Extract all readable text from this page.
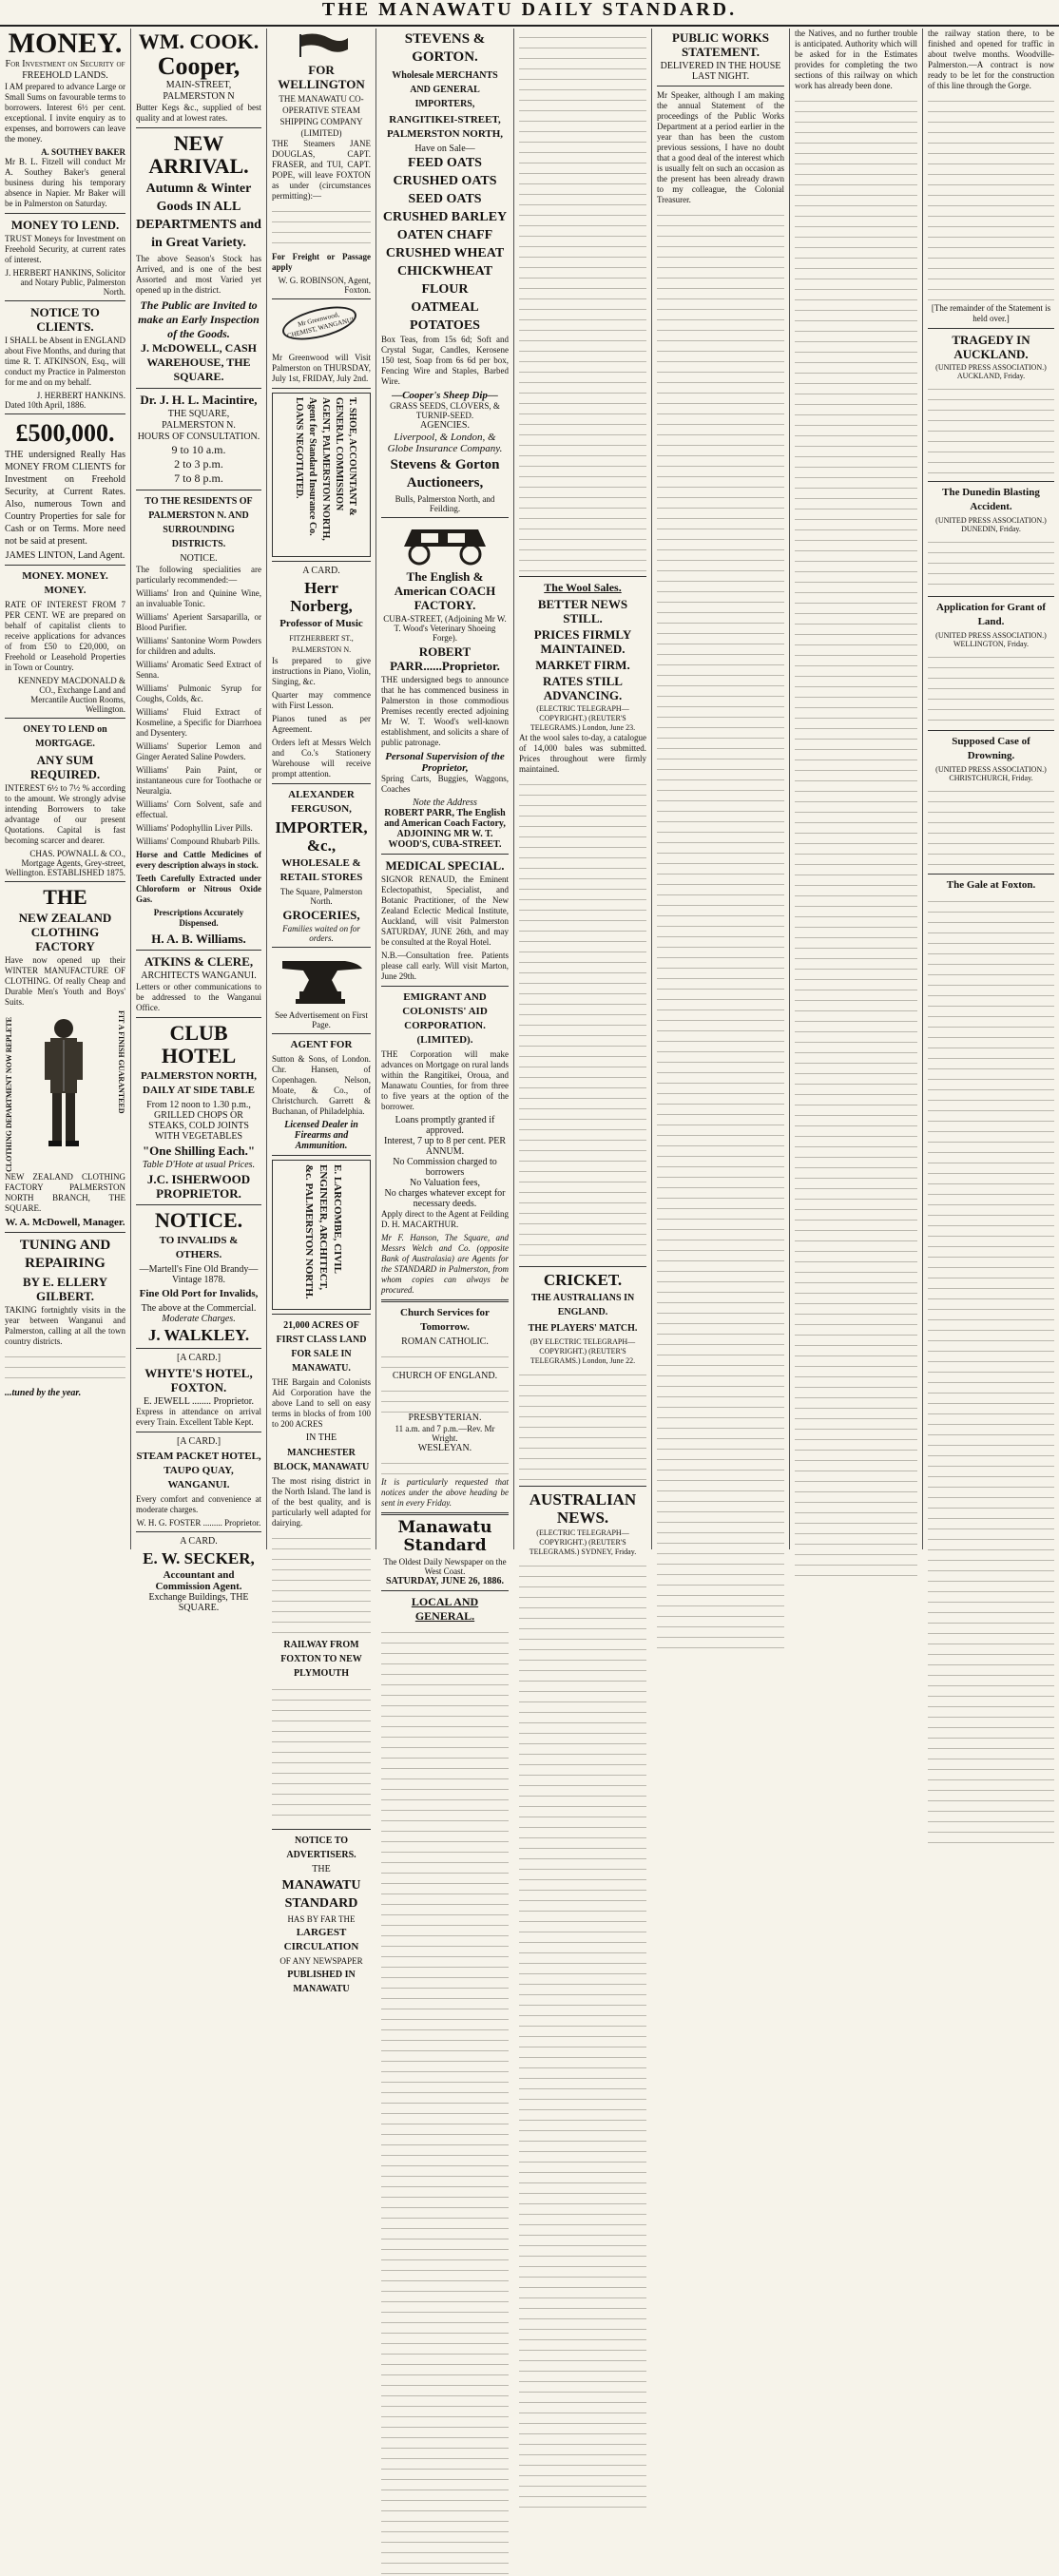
THE MANAWATU DAILY STANDARD.
MONEY.
For Investment on Security of FREEHOLD LANDS.

I AM prepared to advance Large or Small Sums on favourable terms to borrowers. Interest 6½ per cent. exceptional. I invite enquiry as to expenses, and borrowers can leave the money.

A. SOUTHEY BAKER

Mr B. L. Fitzell will conduct Mr A. Southey Baker's general business during his temporary absence in Napier. Mr Baker will be in Palmerston on Saturday.

MONEY TO LEND.

TRUST Moneys for Investment on Freehold Security, at current rates of interest.

J. HERBERT HANKINS, Solicitor and Notary Public, Palmerston North.
NOTICE TO CLIENTS.

I SHALL be Absent in ENGLAND about Five Months, and during that time R. T. ATKINSON, Esq., will conduct my Practice in Palmerston for me and on my behalf.

J. HERBERT HANKINS.
Dated 10th April, 1886.
£500,000.

THE undersigned Really Has MONEY FROM CLIENTS for Investment on Freehold Security, at Current Rates. Also, numerous Town and Country Properties for sale for Cash or on Terms. More need not be said at present.

JAMES LINTON, Land Agent.
MONEY. MONEY. MONEY.

RATE OF INTEREST FROM 7 PER CENT. WE are prepared on behalf of capitalist clients to receive applications for advances of from £50 to £20,000, on Freehold or Leasehold Properties in Town or Country.

KENNEDY MACDONALD & CO., Exchange Land and Mercantile Auction Rooms, Wellington.
ONEY TO LEND on MORTGAGE.
ANY SUM REQUIRED.

INTEREST 6½ to 7½ % according to the amount. We strongly advise intending Borrowers to take advantage of our present Quotations. Capital is fast becoming scarcer and dearer.

CHAS. POWNALL & CO., Mortgage Agents, Grey-street, Wellington. ESTABLISHED 1875.
THE
NEW ZEALAND CLOTHING FACTORY

Have now opened up their WINTER MANUFACTURE OF CLOTHING. Of really Cheap and Durable Men's Youth and Boys' Suits.

CLOTHING DEPARTMENT NOW REPLETE	FIT A FINISH GUARANTEED

NEW ZEALAND CLOTHING FACTORY PALMERSTON NORTH BRANCH, THE SQUARE.

W. A. McDowell, Manager.
TUNING AND REPAIRING
BY E. ELLERY GILBERT.

TAKING fortnightly visits in the year between Wanganui and Palmerston, calling at all the town country districts.

...tuned by the year.
WM. COOK.
Cooper,
MAIN-STREET, PALMERSTON N

Butter Kegs &c., supplied of best quality and at lowest rates.

NEW ARRIVAL.
Autumn & Winter Goods IN ALL DEPARTMENTS and in Great Variety.

The above Season's Stock has Arrived, and is one of the best Assorted and most Varied yet opened up in the district.

The Public are Invited to make an Early Inspection of the Goods.
J. McDOWELL, CASH WAREHOUSE, THE SQUARE.
Dr. J. H. L. Macintire,
THE SQUARE, PALMERSTON N.
HOURS OF CONSULTATION.
9 to 10 a.m.
2 to 3 p.m.
7 to 8 p.m.
TO THE RESIDENTS OF PALMERSTON N. AND SURROUNDING DISTRICTS.
NOTICE.

The following specialities are particularly recommended:—

Williams' Iron and Quinine Wine, an invaluable Tonic.

Williams' Aperient Sarsaparilla, or Blood Purifier.

Williams' Santonine Worm Powders for children and adults.

Williams' Aromatic Seed Extract of Senna.

Williams' Pulmonic Syrup for Coughs, Colds, &c.

Williams' Fluid Extract of Kosmeline, a Specific for Diarrhoea and Dysentery.

Williams' Superior Lemon and Ginger Aerated Saline Powders.

Williams' Pain Paint, or instantaneous cure for Toothache or Neuralgia.

Williams' Corn Solvent, safe and effectual.

Williams' Podophyllin Liver Pills.

Williams' Compound Rhubarb Pills.

Horse and Cattle Medicines of every description always in stock.

Teeth Carefully Extracted under Chloroform or Nitrous Oxide Gas.

Prescriptions Accurately Dispensed.

H. A. B. Williams.
ATKINS & CLERE,
ARCHITECTS WANGANUI.

Letters or other communications to be addressed to the Wanganui Office.

CLUB HOTEL
PALMERSTON NORTH, DAILY AT SIDE TABLE
From 12 noon to 1.30 p.m., GRILLED CHOPS OR STEAKS, COLD JOINTS WITH VEGETABLES
"One Shilling Each."
Table D'Hote at usual Prices.
J.C. ISHERWOOD PROPRIETOR.
NOTICE.
TO INVALIDS & OTHERS.
—Martell's Fine Old Brandy—Vintage 1878.
Fine Old Port for Invalids,
The above at the Commercial.
Moderate Charges.
J. WALKLEY.
[A CARD.]
WHYTE'S HOTEL, FOXTON.
E. JEWELL ........ Proprietor.

Express in attendance on arrival every Train. Excellent Table Kept.

[A CARD.]
STEAM PACKET HOTEL, TAUPO QUAY, WANGANUI.

Every comfort and convenience at moderate charges.

W. H. G. FOSTER ......... Proprietor.
A CARD.
E. W. SECKER,
Accountant and Commission Agent.
Exchange Buildings, THE SQUARE.
FOR WELLINGTON
THE MANAWATU CO-OPERATIVE STEAM SHIPPING COMPANY (LIMITED)

THE Steamers JANE DOUGLAS, CAPT. FRASER, and TUI, CAPT. POPE, will leave FOXTON as under (circumstances permitting):—

For Freight or Passage apply

W. G. ROBINSON, Agent, Foxton.
Mr Greenwood, CHEMIST, WANGANUI

Mr Greenwood will Visit Palmerston on THURSDAY, July 1st, FRIDAY, July 2nd.

T. SHOE, ACCOUNTANT & GENERAL COMMISSION AGENT, PALMERSTON NORTH, Agent for Standard Insurance Co. LOANS NEGOTIATED.
A CARD.
Herr Norberg,
Professor of Music
FITZHERBERT ST., PALMERSTON N.

Is prepared to give instructions in Piano, Violin, Singing, &c.

Quarter may commence with First Lesson.

Pianos tuned as per Agreement.

Orders left at Messrs Welch and Co.'s Stationery Warehouse will receive prompt attention.

ALEXANDER FERGUSON,
IMPORTER, &c.,
WHOLESALE & RETAIL STORES
The Square, Palmerston North.
GROCERIES,
Families waited on for orders.
See Advertisement on First Page.
AGENT FOR

Sutton & Sons, of London. Chr. Hansen, of Copenhagen. Nelson, Moate, & Co., of Christchurch. Garrett & Buchanan, of Philadelphia.

Licensed Dealer in Firearms and Ammunition.
E. LARCOMBE, CIVIL ENGINEER, ARCHITECT, &c. PALMERSTON NORTH.
21,000 ACRES OF FIRST CLASS LAND FOR SALE IN MANAWATU.

THE Bargain and Colonists Aid Corporation have the above Land to sell on easy terms in blocks of from 100 to 200 ACRES

IN THE
MANCHESTER BLOCK, MANAWATU

The most rising district in the North Island. The land is of the best quality, and is particularly well adapted for dairying.

RAILWAY FROM FOXTON TO NEW PLYMOUTH
NOTICE TO ADVERTISERS.
THE
MANAWATU STANDARD
HAS BY FAR THE
LARGEST CIRCULATION
OF ANY NEWSPAPER
PUBLISHED IN MANAWATU
STEVENS & GORTON.
Wholesale MERCHANTS AND GENERAL IMPORTERS,
RANGITIKEI-STREET, PALMERSTON NORTH,
Have on Sale—
FEED OATS
CRUSHED OATS
SEED OATS
CRUSHED BARLEY
OATEN CHAFF
CRUSHED WHEAT
CHICKWHEAT
FLOUR
OATMEAL
POTATOES

Box Teas, from 15s 6d; Soft and Crystal Sugar, Candles, Kerosene 150 test, Soap from 6s 6d per box, Fencing Wire and Staples, Barbed Wire.

—Cooper's Sheep Dip—
GRASS SEEDS, CLOVERS, & TURNIP-SEED.
AGENCIES.
Liverpool, & London, & Globe Insurance Company.
Stevens & Gorton Auctioneers,
Bulls, Palmerston North, and Feilding.
The English & American COACH FACTORY.
CUBA-STREET, (Adjoining Mr W. T. Wood's Veterinary Shoeing Forge).
ROBERT PARR......Proprietor.

THE undersigned begs to announce that he has commenced business in Palmerston in those commodious Premises recently erected adjoining Mr W. T. Wood's well-known establishment, and solicits a share of public patronage.

Personal Supervision of the Proprietor,

Spring Carts, Buggies, Waggons, Coaches

Note the Address
ROBERT PARR, The English and American Coach Factory, ADJOINING MR W. T. WOOD'S, CUBA-STREET.
MEDICAL SPECIAL.

SIGNOR RENAUD, the Eminent Eclectopathist, Specialist, and Botanic Practitioner, of the New Zealand Eclectic Medical Institute, Auckland, will visit Palmerston SATURDAY, JUNE 26th, and may be consulted at the Royal Hotel.

N.B.—Consultation free. Patients please call early. Will visit Marton, June 29th.

EMIGRANT AND COLONISTS' AID CORPORATION. (LIMITED).

THE Corporation will make advances on Mortgage on rural lands within the Rangitikei, Oroua, and Manawatu Counties, for from three to five years at the option of the borrower.

Loans promptly granted if approved.
Interest, 7 up to 8 per cent. PER ANNUM.
No Commission charged to borrowers
No Valuation fees,
No charges whatever except for necessary deeds.

Apply direct to the Agent at Feilding D. H. MACARTHUR.

Mr F. Hanson, The Square, and Messrs Welch and Co. (opposite Bank of Australasia) are Agents for the STANDARD in Palmerston, from whom copies can always be procured.

Church Services for Tomorrow.
ROMAN CATHOLIC.
CHURCH OF ENGLAND.
PRESBYTERIAN.
11 a.m. and 7 p.m.—Rev. Mr Wright.
WESLEYAN.

It is particularly requested that notices under the above heading be sent in every Friday.

Manawatu Standard
The Oldest Daily Newspaper on the West Coast.
SATURDAY, JUNE 26, 1886.
LOCAL AND GENERAL.
The Wool Sales.
BETTER NEWS STILL.
PRICES FIRMLY MAINTAINED.
MARKET FIRM.
RATES STILL ADVANCING.
(ELECTRIC TELEGRAPH—COPYRIGHT.) (REUTER'S TELEGRAMS.) London, June 23.

At the wool sales to-day, a catalogue of 14,000 bales was submitted. Prices throughout were firmly maintained.

CRICKET.
THE AUSTRALIANS IN ENGLAND.
THE PLAYERS' MATCH.
(BY ELECTRIC TELEGRAPH—COPYRIGHT.) (REUTER'S TELEGRAMS.) London, June 22.
AUSTRALIAN NEWS.
(ELECTRIC TELEGRAPH—COPYRIGHT.) (REUTER'S TELEGRAMS.) SYDNEY, Friday.
PUBLIC WORKS STATEMENT.
DELIVERED IN THE HOUSE LAST NIGHT.

Mr Speaker, although I am making the annual Statement of the proceedings of the Public Works Department at a period earlier in the year than has been the custom previous sessions, I have no doubt that a good deal of the interest which is usually felt on such an occasion as the present has been already drawn to my colleague, the Colonial Treasurer.

the Natives, and no further trouble is anticipated. Authority which will be asked for in the Estimates provides for completing the two sections of this railway on which work has already been done.

the railway station there, to be finished and opened for traffic in about twelve months. Woodville-Palmerston.—A contract is now ready to be let for the construction of this line through the Gorge.

[The remainder of the Statement is held over.]

TRAGEDY IN AUCKLAND.
(UNITED PRESS ASSOCIATION.) AUCKLAND, Friday.
The Dunedin Blasting Accident.
(UNITED PRESS ASSOCIATION.) DUNEDIN, Friday.
Application for Grant of Land.
(UNITED PRESS ASSOCIATION.) WELLINGTON, Friday.
Supposed Case of Drowning.
(UNITED PRESS ASSOCIATION.) CHRISTCHURCH, Friday.
The Gale at Foxton.
